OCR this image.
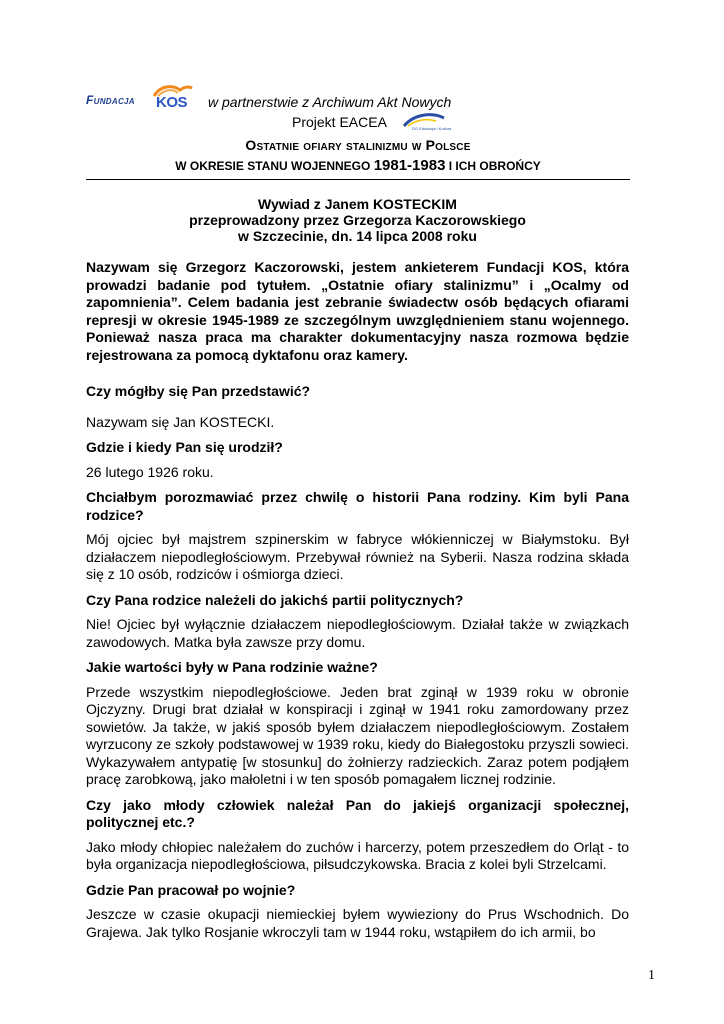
Fundacja KOS w partnerstwie z Archiwum Akt Nowych
Projekt EACEA	DG Edukacja i Kultura
Ostatnie ofiary stalinizmu w Polsce
W OKRESIE STANU WOJENNEGO 1981-1983 I ICH OBROŃCY
Wywiad z Janem KOSTECKIM
przeprowadzony przez Grzegorza Kaczorowskiego
w Szczecinie, dn. 14 lipca 2008 roku
Nazywam się Grzegorz Kaczorowski, jestem ankieterem Fundacji KOS, która prowadzi badanie pod tytułem. „Ostatnie ofiary stalinizmu” i „Ocalmy od zapomnienia”. Celem badania jest zebranie świadectw osób będących ofiarami represji w okresie 1945-1989 ze szczególnym uwzględnieniem stanu wojennego. Ponieważ nasza praca ma charakter dokumentacyjny nasza rozmowa będzie rejestrowana za pomocą dyktafonu oraz kamery.
Czy mógłby się Pan przedstawić?
Nazywam się Jan KOSTECKI.
Gdzie i kiedy Pan się urodził?
26 lutego 1926 roku.
Chciałbym porozmawiać przez chwilę o historii Pana rodziny. Kim byli Pana rodzice?
Mój ojciec był majstrem szpinerskim w fabryce włókienniczej w Białymstoku. Był działaczem niepodległościowym. Przebywał również na Syberii. Nasza rodzina składa się z 10 osób, rodziców i ośmiorga dzieci.
Czy Pana rodzice należeli do jakichś partii politycznych?
Nie! Ojciec był wyłącznie działaczem niepodległościowym. Działał także w związkach zawodowych. Matka była zawsze przy domu.
Jakie wartości były w Pana rodzinie ważne?
Przede wszystkim niepodległościowe. Jeden brat zginął w 1939 roku w obronie Ojczyzny. Drugi brat działał w konspiracji i zginął w 1941 roku zamordowany przez sowietów. Ja także, w jakiś sposób byłem działaczem niepodległościowym. Zostałem wyrzucony ze szkoły podstawowej w 1939 roku, kiedy do Białegostoku przyszli sowieci. Wykazywałem antypatię [w stosunku] do żołnierzy radzieckich. Zaraz potem podjąłem pracę zarobkową, jako małoletni i w ten sposób pomagałem licznej rodzinie.
Czy jako młody człowiek należał Pan do jakiejś organizacji społecznej, politycznej etc.?
Jako młody chłopiec należałem do zuchów i harcerzy, potem przeszedłem do Orląt - to była organizacja niepodległościowa, piłsudczykowska. Bracia z kolei byli Strzelcami.
Gdzie Pan pracował po wojnie?
Jeszcze w czasie okupacji niemieckiej byłem wywieziony do Prus Wschodnich. Do Grajewa. Jak tylko Rosjanie wkroczyli tam w 1944 roku, wstąpiłem do ich armii, bo
1
